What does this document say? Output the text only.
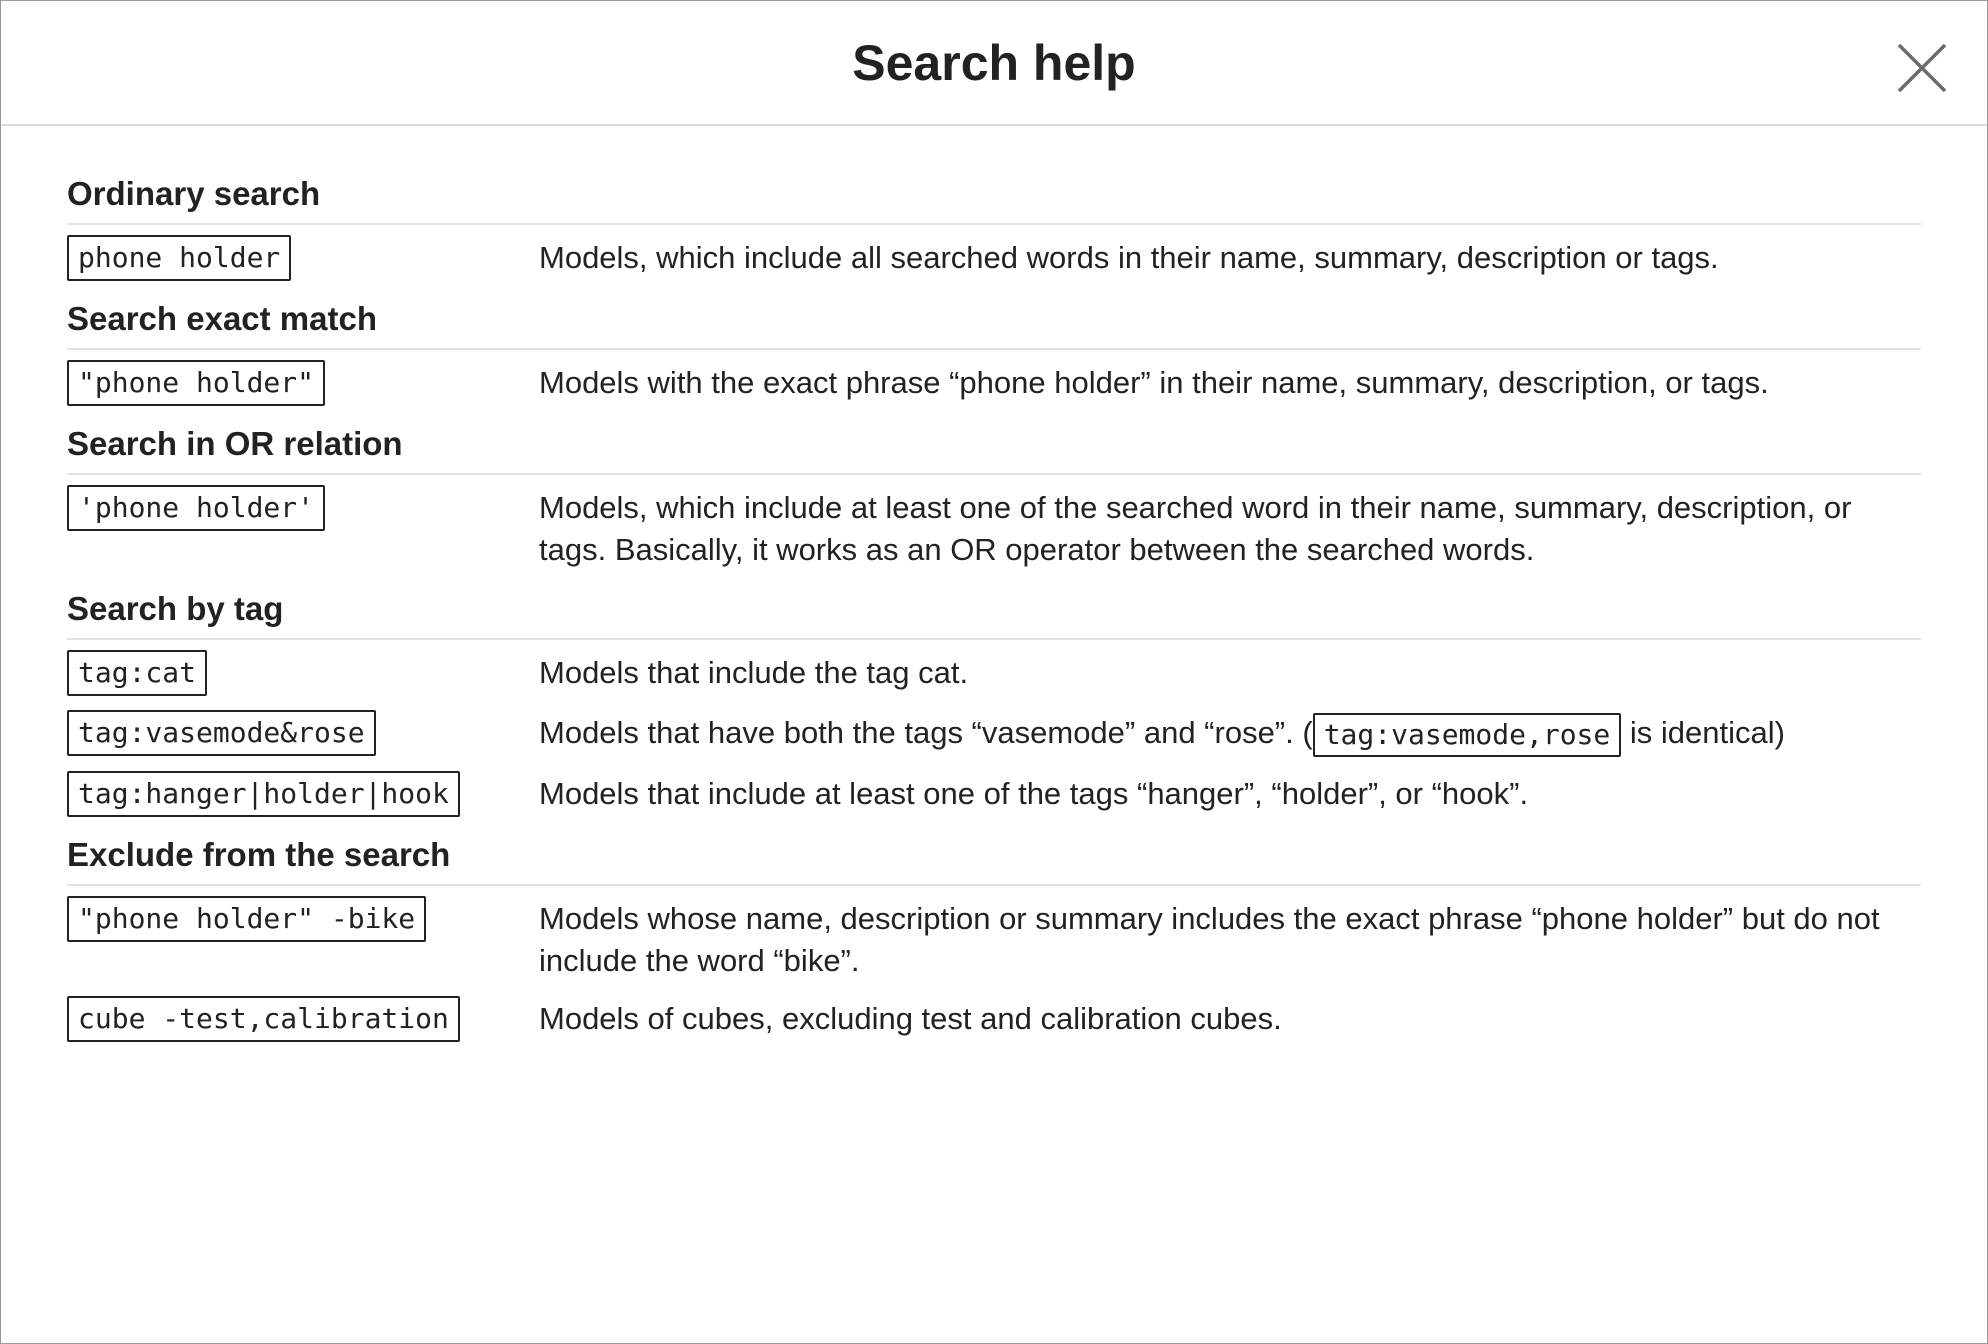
Search help
Ordinary search
phone holder	Models, which include all searched words in their name, summary, description or tags.
Search exact match
"phone holder"	Models with the exact phrase “phone holder” in their name, summary, description, or tags.
Search in OR relation
'phone holder'	Models, which include at least one of the searched word in their name, summary, description, or tags. Basically, it works as an OR operator between the searched words.
Search by tag
tag:cat	Models that include the tag cat.
tag:vasemode&rose	Models that have both the tags “vasemode” and “rose”. ( tag:vasemode,rose is identical)
tag:hanger|holder|hook	Models that include at least one of the tags “hanger”, “holder”, or “hook”.
Exclude from the search
"phone holder" -bike	Models whose name, description or summary includes the exact phrase “phone holder” but do not include the word “bike”.
cube -test,calibration	Models of cubes, excluding test and calibration cubes.
